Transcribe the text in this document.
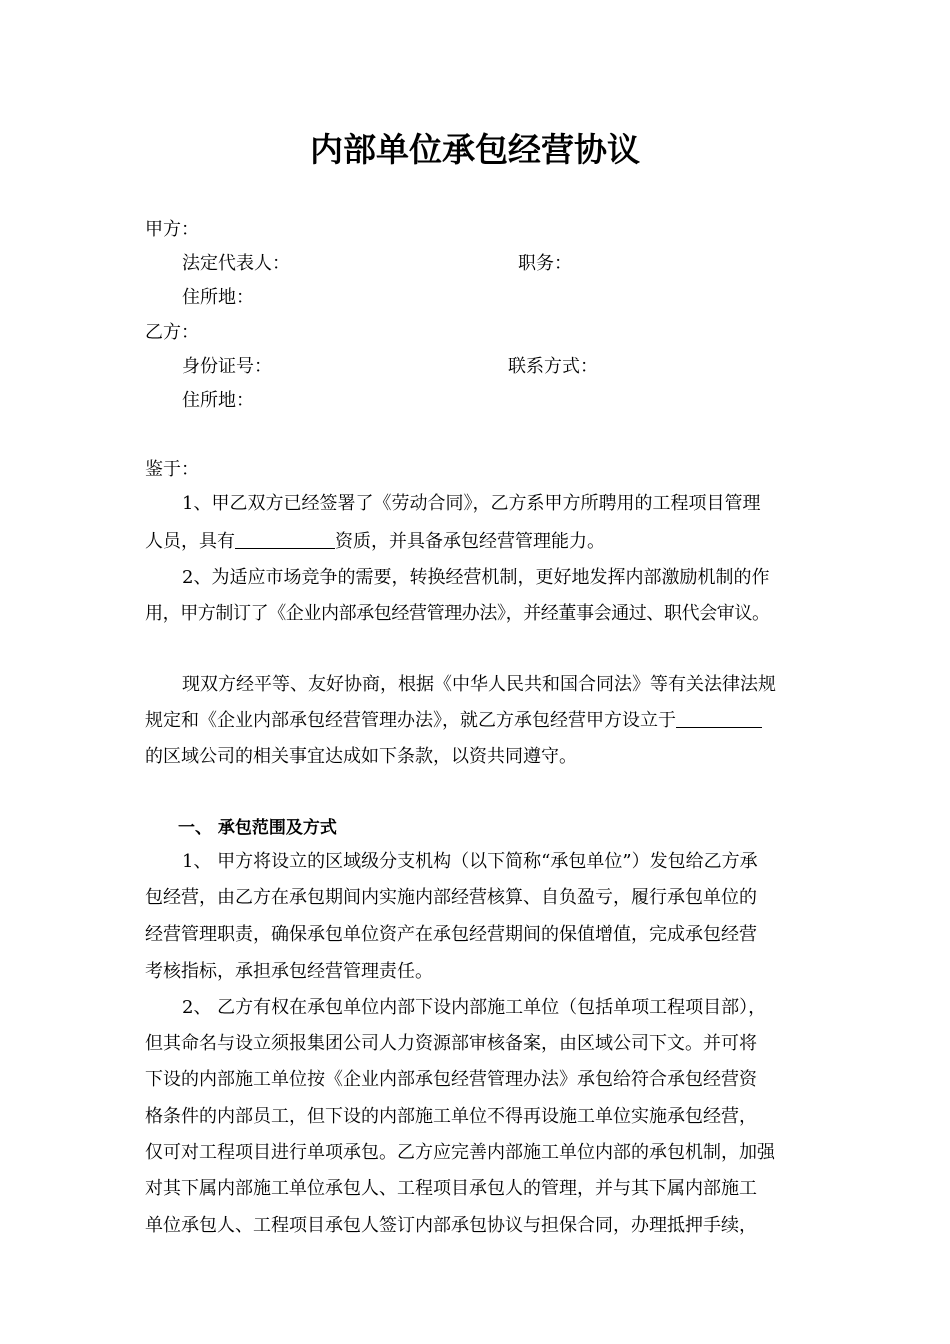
内部单位承包经营协议
甲方：
法定代表人：	职务：
住所地：
乙方：
身份证号：	联系方式：
住所地：
鉴于：
1、甲乙双方已经签署了《劳动合同》，乙方系甲方所聘用的工程项目管理
人员，具有	资质，并具备承包经营管理能力。
2、为适应市场竞争的需要，转换经营机制，更好地发挥内部激励机制的作
用，甲方制订了《企业内部承包经营管理办法》，并经董事会通过、职代会审议。
现双方经平等、友好协商，根据《中华人民共和国合同法》等有关法律法规
规定和《企业内部承包经营管理办法》，就乙方承包经营甲方设立于
的区域公司的相关事宜达成如下条款，以资共同遵守。
一、 承包范围及方式
1、 甲方将设立的区域级分支机构（以下简称“承包单位”）发包给乙方承
包经营，由乙方在承包期间内实施内部经营核算、自负盈亏，履行承包单位的
经营管理职责，确保承包单位资产在承包经营期间的保值增值，完成承包经营
考核指标，承担承包经营管理责任。
2、 乙方有权在承包单位内部下设内部施工单位（包括单项工程项目部），
但其命名与设立须报集团公司人力资源部审核备案，由区域公司下文。并可将
下设的内部施工单位按《企业内部承包经营管理办法》承包给符合承包经营资
格条件的内部员工，但下设的内部施工单位不得再设施工单位实施承包经营，
仅可对工程项目进行单项承包。乙方应完善内部施工单位内部的承包机制，加强
对其下属内部施工单位承包人、工程项目承包人的管理，并与其下属内部施工
单位承包人、工程项目承包人签订内部承包协议与担保合同，办理抵押手续，
